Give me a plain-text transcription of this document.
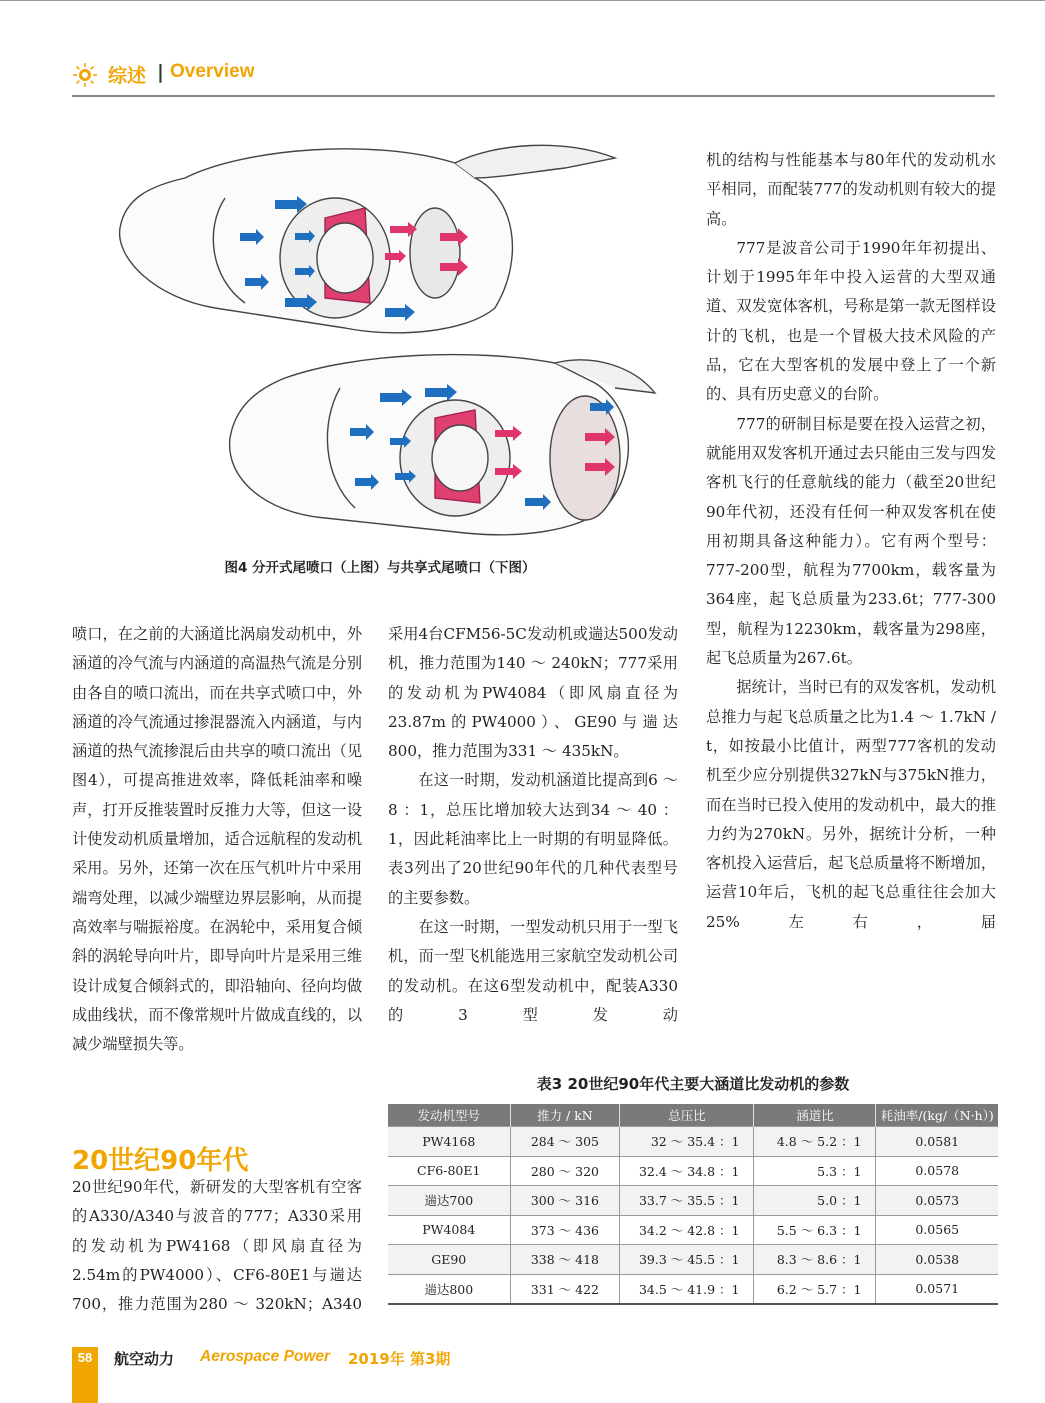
综述 | Overview
图4 分开式尾喷口（上图）与共享式尾喷口（下图）

机的结构与性能基本与80年代的发动机水平相同，而配装777的发动机则有较大的提高。

777是波音公司于1990年年初提出、计划于1995年年中投入运营的大型双通道、双发宽体客机，号称是第一款无图样设计的飞机，也是一个冒极大技术风险的产品，它在大型客机的发展中登上了一个新的、具有历史意义的台阶。

777的研制目标是要在投入运营之初，就能用双发客机开通过去只能由三发与四发客机飞行的任意航线的能力（截至20世纪90年代初，还没有任何一种双发客机在使用初期具备这种能力）。它有两个型号：777-200型，航程为7700km，载客量为364座，起飞总质量为233.6t；777-300型，航程为12230km，载客量为298座，起飞总质量为267.6t。

据统计，当时已有的双发客机，发动机总推力与起飞总质量之比为1.4 ～ 1.7kN / t，如按最小比值计，两型777客机的发动机至少应分别提供327kN与375kN推力，而在当时已投入使用的发动机中，最大的推力约为270kN。另外，据统计分析，一种客机投入运营后，起飞总质量将不断增加，运营10年后，飞机的起飞总重往往会加大25%左右，届

喷口，在之前的大涵道比涡扇发动机中，外涵道的冷气流与内涵道的高温热气流是分别由各自的喷口流出，而在共享式喷口中，外涵道的冷气流通过掺混器流入内涵道，与内涵道的热气流掺混后由共享的喷口流出（见图4），可提高推进效率，降低耗油率和噪声，打开反推装置时反推力大等，但这一设计使发动机质量增加，适合远航程的发动机采用。另外，还第一次在压气机叶片中采用端弯处理，以减少端壁边界层影响，从而提高效率与喘振裕度。在涡轮中，采用复合倾斜的涡轮导向叶片，即导向叶片是采用三维设计成复合倾斜式的，即沿轴向、径向均做成曲线状，而不像常规叶片做成直线的，以减少端壁损失等。

采用4台CFM56-5C发动机或遄达500发动机，推力范围为140 ～ 240kN；777采用的发动机为PW4084（即风扇直径为23.87m的PW4000）、GE90与遄达800，推力范围为331 ～ 435kN。

在这一时期，发动机涵道比提高到6 ～ 8 ：1，总压比增加较大达到34 ～ 40 ：1，因此耗油率比上一时期的有明显降低。表3列出了20世纪90年代的几种代表型号的主要参数。

在这一时期，一型发动机只用于一型飞机，而一型飞机能选用三家航空发动机公司的发动机。在这6型发动机中，配装A330的3型发动

20世纪90年代

20世纪90年代，新研发的大型客机有空客的A330/A340与波音的777；A330采用的发动机为PW4168（即风扇直径为2.54m的PW4000）、CF6-80E1与遄达700，推力范围为280 ～ 320kN；A340

表3 20世纪90年代主要大涵道比发动机的参数
发动机型号	推力 / kN	总压比	涵道比	耗油率/(kg/（N·h）)
PW4168	284 ～ 305	32 ～ 35.4 ：1	4.8 ～ 5.2 ：1	0.0581
CF6-80E1	280 ～ 320	32.4 ～ 34.8 ：1	5.3 ：1	0.0578
遄达700	300 ～ 316	33.7 ～ 35.5 ：1	5.0 ：1	0.0573
PW4084	373 ～ 436	34.2 ～ 42.8 ：1	5.5 ～ 6.3 ：1	0.0565
GE90	338 ～ 418	39.3 ～ 45.5 ：1	8.3 ～ 8.6 ：1	0.0538
遄达800	331 ～ 422	34.5 ～ 41.9 ：1	6.2 ～ 5.7 ：1	0.0571
58	航空动力 Aerospace Power 2019年 第3期
